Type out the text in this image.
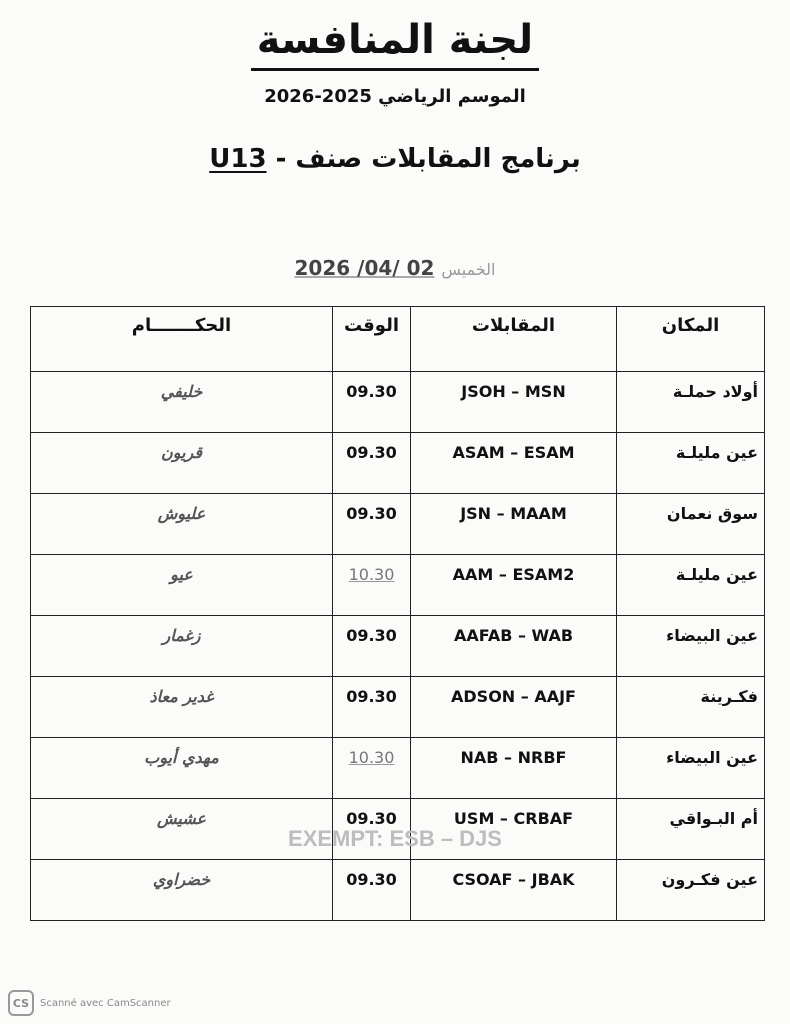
لجنة المنافسة
الموسم الرياضي 2025-2026
برنامج المقابلات صنف - U13
الخميس 02 /04/ 2026
المكان	المقابلات	الوقت	الحكـــــــام
أولاد حملـة	JSOH – MSN	09.30	خليفي
عين مليلـة	ASAM – ESAM	09.30	قريون
سوق نعمان	JSN – MAAM	09.30	عليوش
عين مليلـة	AAM – ESAM2	10.30	عيو
عين البيضاء	AAFAB – WAB	09.30	زغمار
فكـرينة	ADSON – AAJF	09.30	غدير معاذ
عين البيضاء	NAB – NRBF	10.30	مهدي أيوب
أم البـواقي	USM – CRBAF	09.30	عشيش
عين فكـرون	CSOAF – JBAK	09.30	خضراوي
EXEMPT: ESB – DJS
CS	Scanné avec CamScanner
